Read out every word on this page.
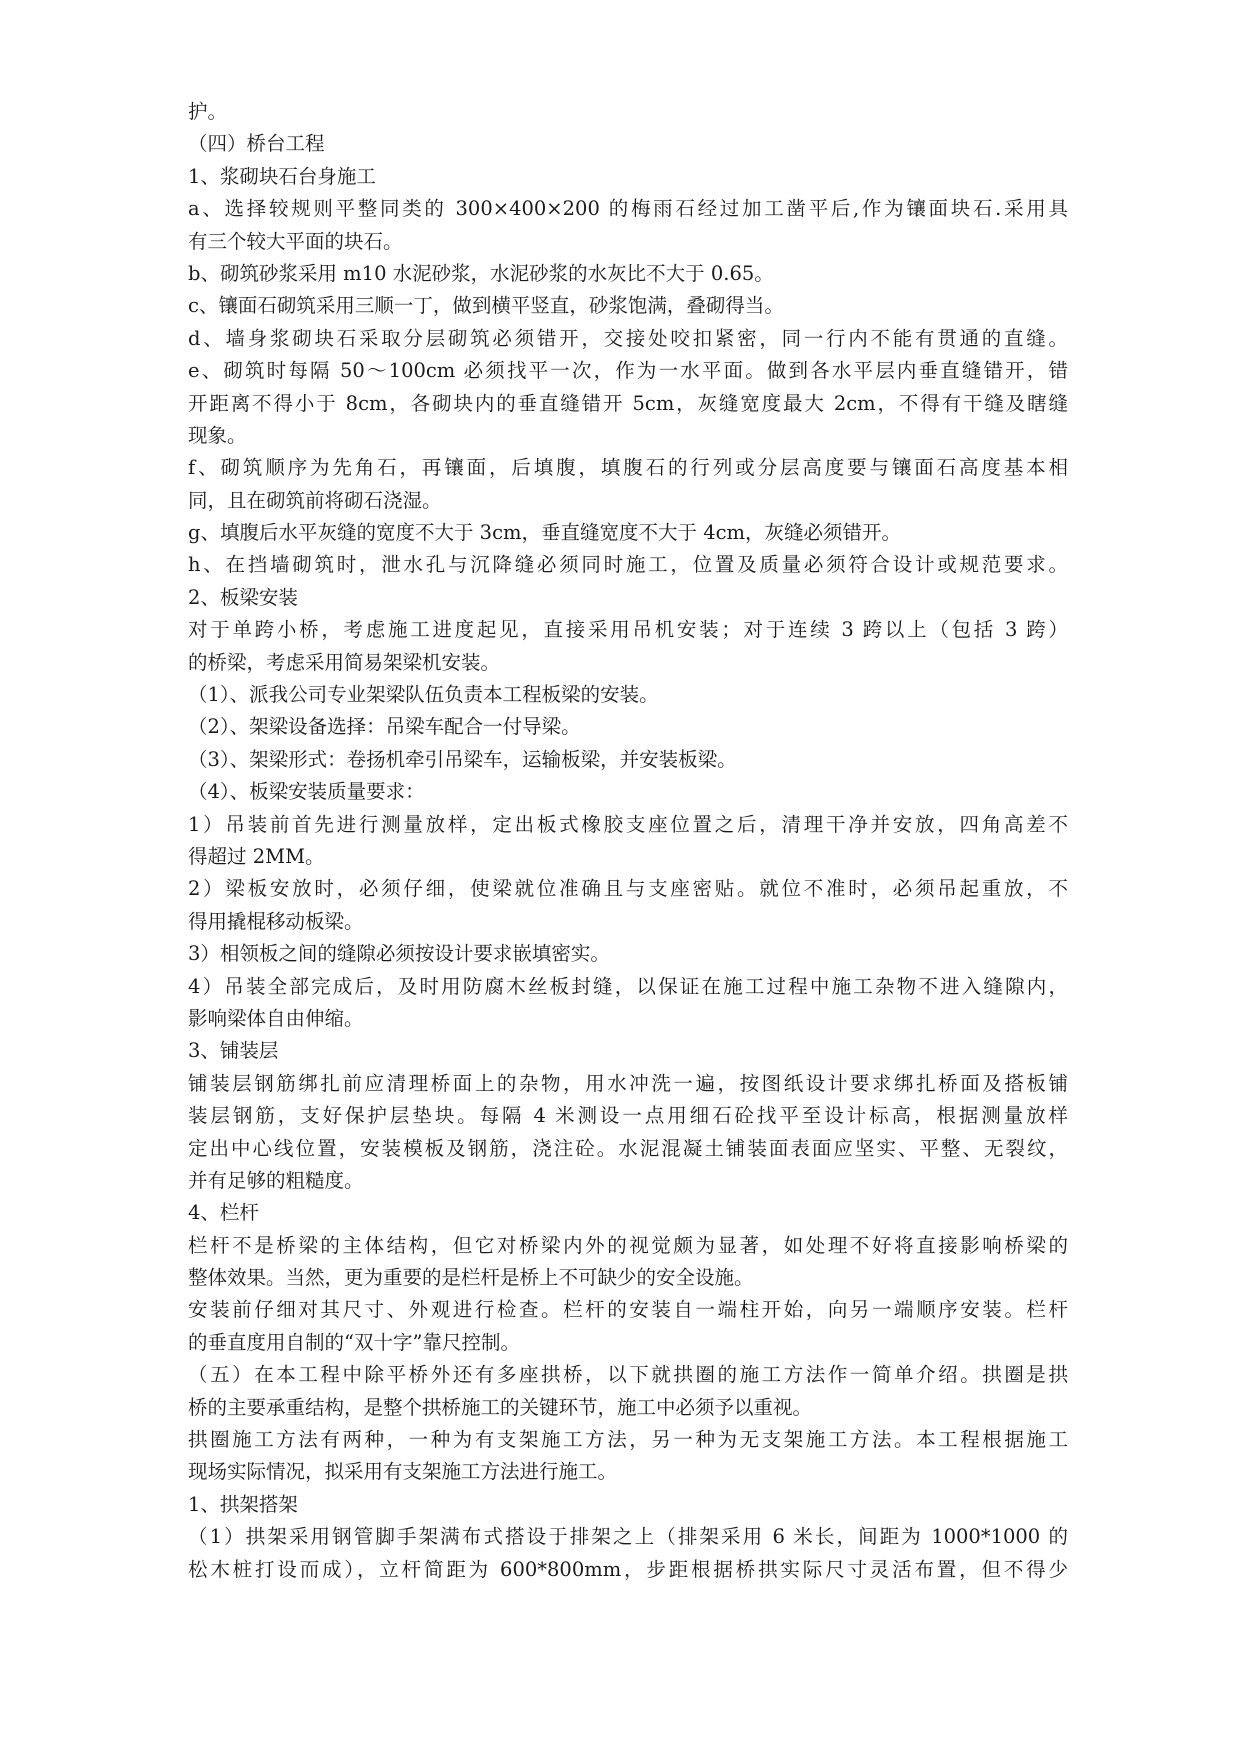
护。
（四）桥台工程
1、浆砌块石台身施工
a、选择较规则平整同类的 300×400×200 的梅雨石经过加工凿平后,作为镶面块石.采用具
有三个较大平面的块石。
b、砌筑砂浆采用 m10 水泥砂浆，水泥砂浆的水灰比不大于 0.65。
c、镶面石砌筑采用三顺一丁，做到横平竖直，砂浆饱满，叠砌得当。
d、墙身浆砌块石采取分层砌筑必须错开，交接处咬扣紧密，同一行内不能有贯通的直缝。
e、砌筑时每隔 50～100cm 必须找平一次，作为一水平面。做到各水平层内垂直缝错开，错
开距离不得小于 8cm，各砌块内的垂直缝错开 5cm，灰缝宽度最大 2cm，不得有干缝及瞎缝
现象。
f、砌筑顺序为先角石，再镶面，后填腹，填腹石的行列或分层高度要与镶面石高度基本相
同，且在砌筑前将砌石浇湿。
g、填腹后水平灰缝的宽度不大于 3cm，垂直缝宽度不大于 4cm，灰缝必须错开。
h、在挡墙砌筑时，泄水孔与沉降缝必须同时施工，位置及质量必须符合设计或规范要求。
2、板梁安装
对于单跨小桥，考虑施工进度起见，直接采用吊机安装；对于连续 3 跨以上（包括 3 跨）
的桥梁，考虑采用简易架梁机安装。
（1）、派我公司专业架梁队伍负责本工程板梁的安装。
（2）、架梁设备选择：吊梁车配合一付导梁。
（3）、架梁形式：卷扬机牵引吊梁车，运输板梁，并安装板梁。
（4）、板梁安装质量要求：
1）吊装前首先进行测量放样，定出板式橡胶支座位置之后，清理干净并安放，四角高差不
得超过 2MM。
2）梁板安放时，必须仔细，使梁就位准确且与支座密贴。就位不准时，必须吊起重放，不
得用撬棍移动板梁。
3）相领板之间的缝隙必须按设计要求嵌填密实。
4）吊装全部完成后，及时用防腐木丝板封缝，以保证在施工过程中施工杂物不进入缝隙内，
影响梁体自由伸缩。
3、铺装层
铺装层钢筋绑扎前应清理桥面上的杂物，用水冲洗一遍，按图纸设计要求绑扎桥面及搭板铺
装层钢筋，支好保护层垫块。每隔 4 米测设一点用细石砼找平至设计标高，根据测量放样
定出中心线位置，安装模板及钢筋，浇注砼。水泥混凝土铺装面表面应坚实、平整、无裂纹，
并有足够的粗糙度。
4、栏杆
栏杆不是桥梁的主体结构，但它对桥梁内外的视觉颇为显著，如处理不好将直接影响桥梁的
整体效果。当然，更为重要的是栏杆是桥上不可缺少的安全设施。
安装前仔细对其尺寸、外观进行检查。栏杆的安装自一端柱开始，向另一端顺序安装。栏杆
的垂直度用自制的“双十字”靠尺控制。
（五）在本工程中除平桥外还有多座拱桥，以下就拱圈的施工方法作一简单介绍。拱圈是拱
桥的主要承重结构，是整个拱桥施工的关键环节，施工中必须予以重视。
拱圈施工方法有两种，一种为有支架施工方法，另一种为无支架施工方法。本工程根据施工
现场实际情况，拟采用有支架施工方法进行施工。
1、拱架搭架
（1）拱架采用钢管脚手架满布式搭设于排架之上（排架采用 6 米长，间距为 1000*1000 的
松木桩打设而成），立杆简距为 600*800mm，步距根据桥拱实际尺寸灵活布置，但不得少
